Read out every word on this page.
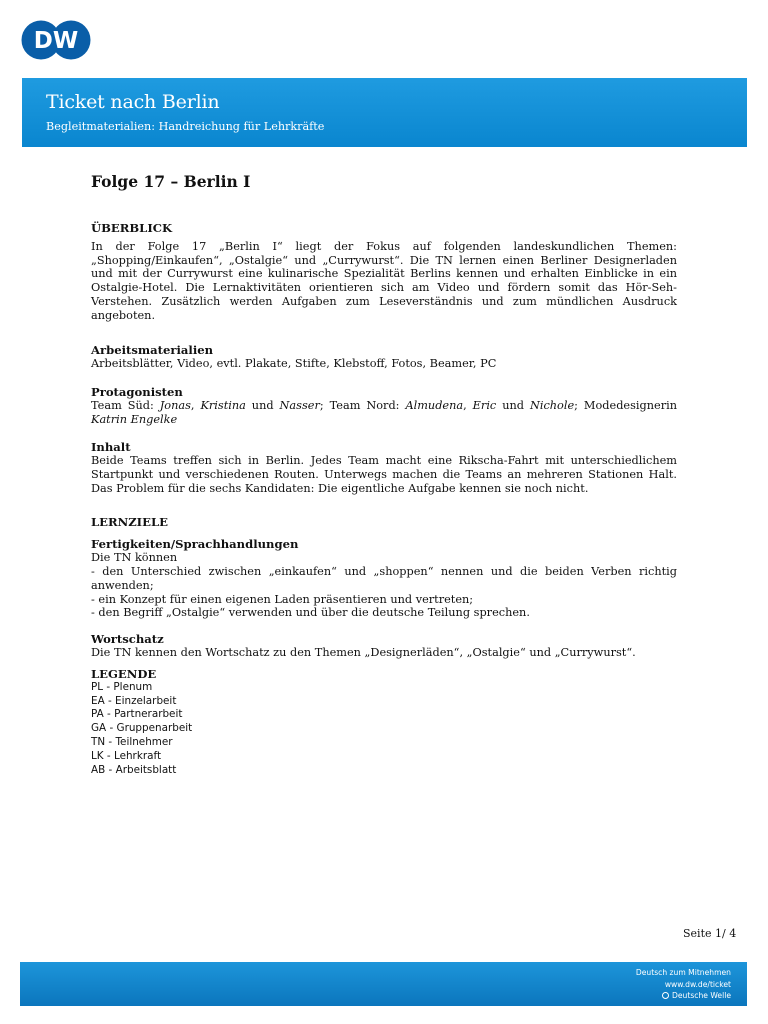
DW
Ticket nach Berlin
Begleitmaterialien: Handreichung für Lehrkräfte
Folge 17 – Berlin I
ÜBERBLICK
In der Folge 17 „Berlin I“ liegt der Fokus auf folgenden landeskundlichen Themen: „Shopping/Einkaufen“, „Ostalgie“ und „Currywurst“. Die TN lernen einen Berliner Designerladen und mit der Currywurst eine kulinarische Spezialität Berlins kennen und erhalten Einblicke in ein Ostalgie-Hotel. Die Lernaktivitäten orientieren sich am Video und fördern somit das Hör-Seh-Verstehen. Zusätzlich werden Aufgaben zum Leseverständnis und zum mündlichen Ausdruck angeboten.
Arbeitsmaterialien
Arbeitsblätter, Video, evtl. Plakate, Stifte, Klebstoff, Fotos, Beamer, PC
Protagonisten
Team Süd: Jonas, Kristina und Nasser; Team Nord: Almudena, Eric und Nichole; Modedesignerin Katrin Engelke
Inhalt
Beide Teams treffen sich in Berlin. Jedes Team macht eine Rikscha-Fahrt mit unterschiedlichem Startpunkt und verschiedenen Routen. Unterwegs machen die Teams an mehreren Stationen Halt. Das Problem für die sechs Kandidaten: Die eigentliche Aufgabe kennen sie noch nicht.
LERNZIELE
Fertigkeiten/Sprachhandlungen
Die TN können
- den Unterschied zwischen „einkaufen“ und „shoppen“ nennen und die beiden Verben richtig anwenden;
- ein Konzept für einen eigenen Laden präsentieren und vertreten;
- den Begriff „Ostalgie“ verwenden und über die deutsche Teilung sprechen.
Wortschatz
Die TN kennen den Wortschatz zu den Themen „Designerläden“, „Ostalgie“ und „Currywurst“.
LEGENDE
PL - Plenum
EA - Einzelarbeit
PA - Partnerarbeit
GA - Gruppenarbeit
TN - Teilnehmer
LK - Lehrkraft
AB - Arbeitsblatt
Seite 1/ 4
Deutsch zum Mitnehmen
www.dw.de/ticket
Deutsche Welle
